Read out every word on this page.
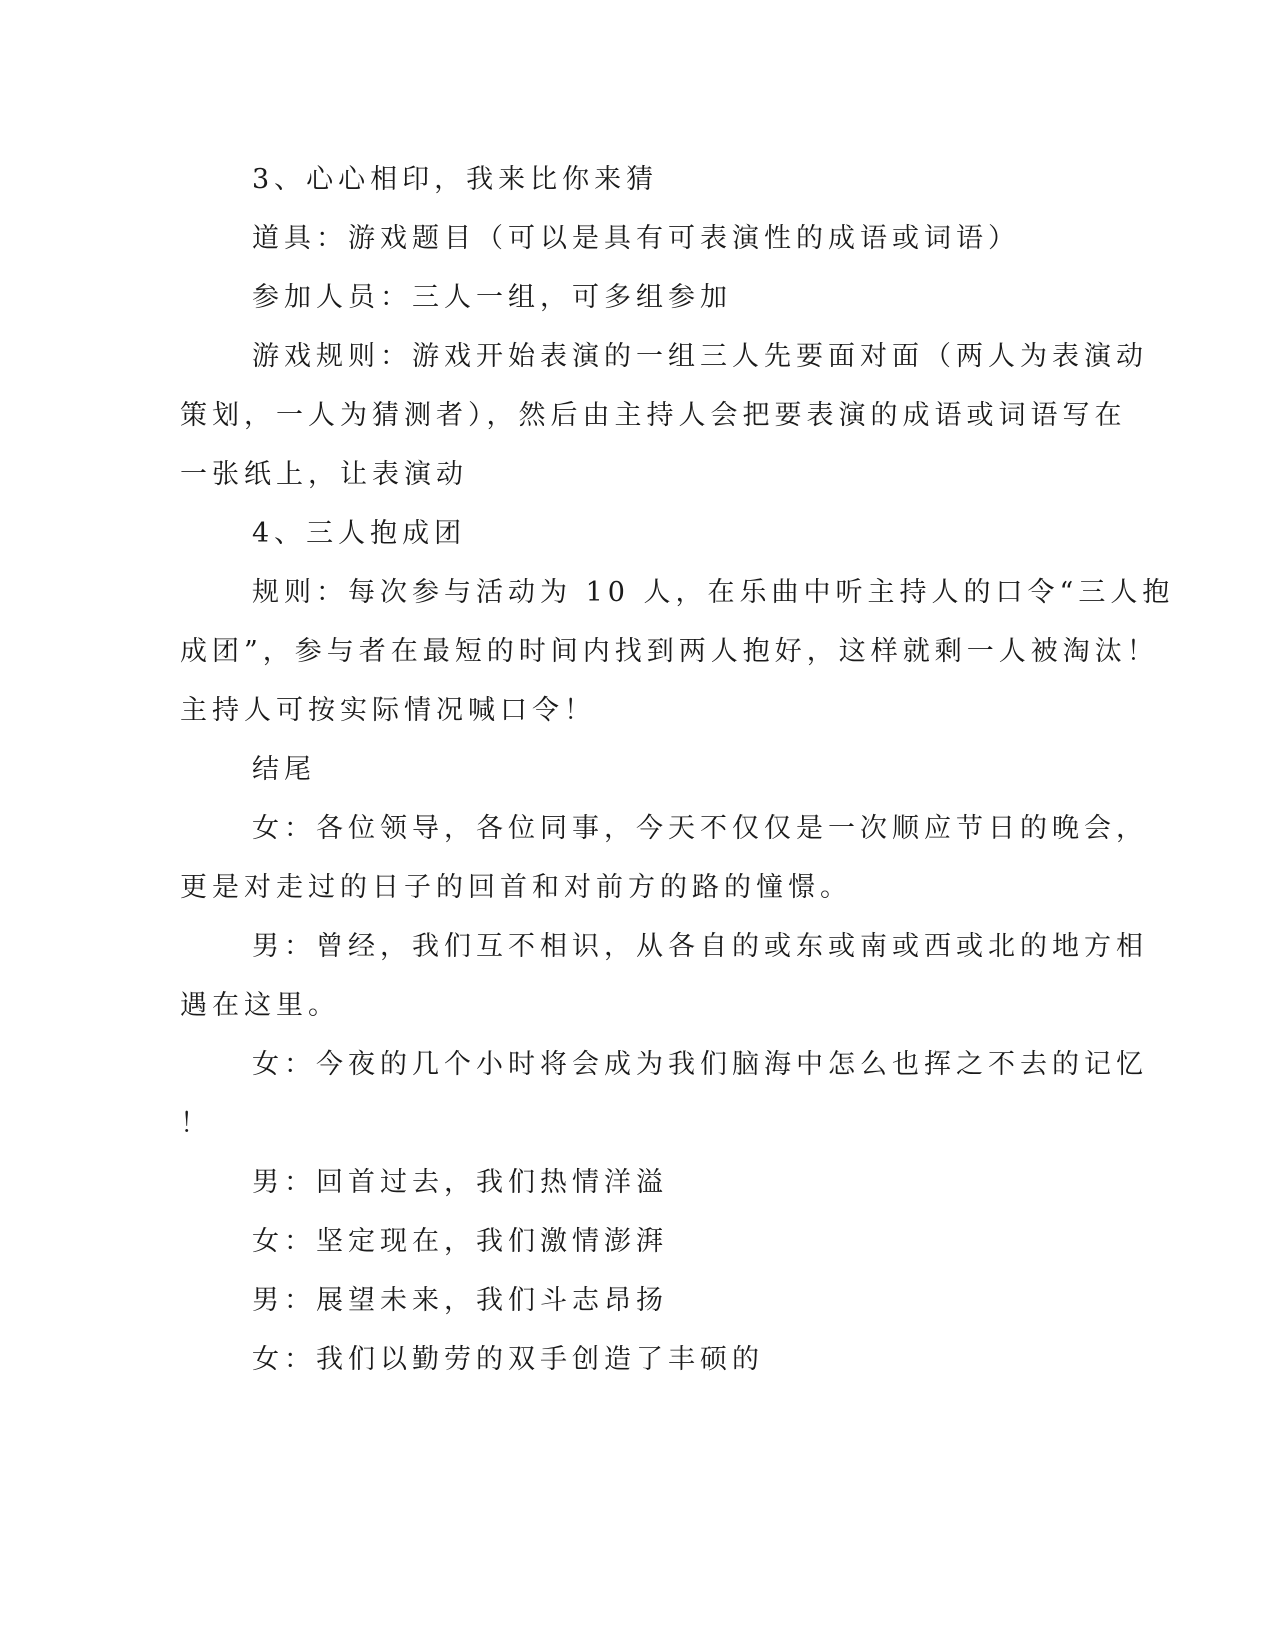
3、心心相印，我来比你来猜
道具：游戏题目（可以是具有可表演性的成语或词语）
参加人员：三人一组，可多组参加
游戏规则：游戏开始表演的一组三人先要面对面（两人为表演动
策划，一人为猜测者），然后由主持人会把要表演的成语或词语写在
一张纸上，让表演动
4、三人抱成团
规则：每次参与活动为 10 人，在乐曲中听主持人的口令“三人抱
成团”，参与者在最短的时间内找到两人抱好，这样就剩一人被淘汰！
主持人可按实际情况喊口令！
结尾
女：各位领导，各位同事，今天不仅仅是一次顺应节日的晚会，
更是对走过的日子的回首和对前方的路的憧憬。
男：曾经，我们互不相识，从各自的或东或南或西或北的地方相
遇在这里。
女：今夜的几个小时将会成为我们脑海中怎么也挥之不去的记忆
！
男：回首过去，我们热情洋溢
女：坚定现在，我们激情澎湃
男：展望未来，我们斗志昂扬
女：我们以勤劳的双手创造了丰硕的
